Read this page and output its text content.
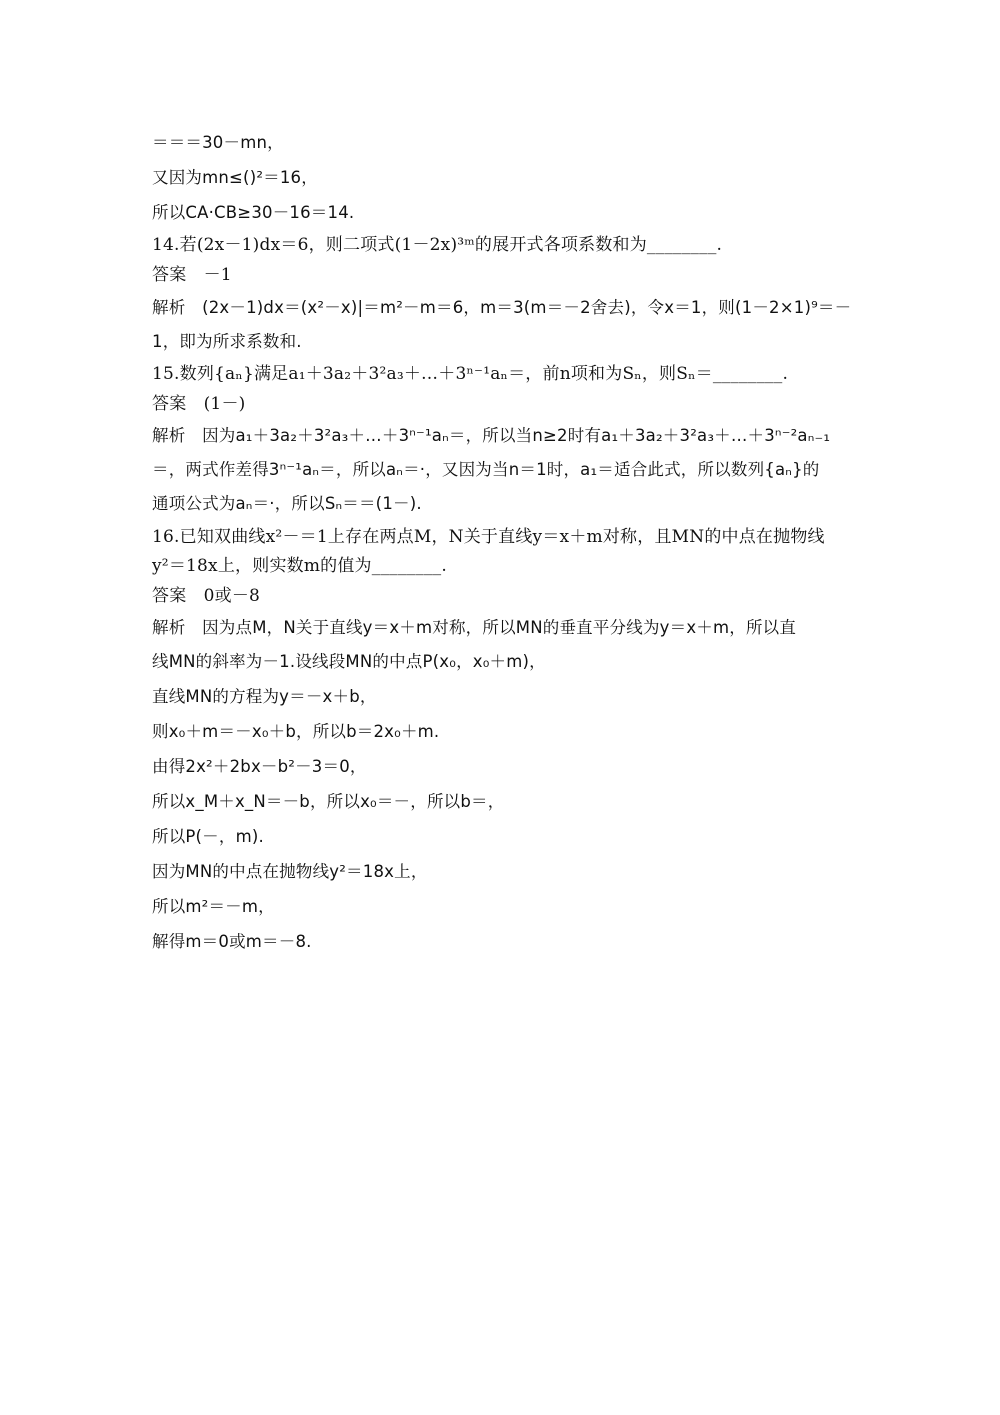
＝＝＝30－mn，
又因为mn≤()²＝16，
所以CA·CB≥30－16＝14.
14.若(2x－1)dx＝6，则二项式(1－2x)³ᵐ的展开式各项系数和为________.
答案　－1
解析　(2x－1)dx＝(x²－x)|＝m²－m＝6，m＝3(m＝－2舍去)，令x＝1，则(1－2×1)⁹＝－
1，即为所求系数和.
15.数列{aₙ}满足a₁＋3a₂＋3²a₃＋…＋3ⁿ⁻¹aₙ＝，前n项和为Sₙ，则Sₙ＝________.
答案　(1－)
解析　因为a₁＋3a₂＋3²a₃＋…＋3ⁿ⁻¹aₙ＝，所以当n≥2时有a₁＋3a₂＋3²a₃＋…＋3ⁿ⁻²aₙ₋₁
＝，两式作差得3ⁿ⁻¹aₙ＝，所以aₙ＝·，又因为当n＝1时，a₁＝适合此式，所以数列{aₙ}的
通项公式为aₙ＝·，所以Sₙ＝＝(1－).
16.已知双曲线x²－＝1上存在两点M，N关于直线y＝x＋m对称，且MN的中点在抛物线
y²＝18x上，则实数m的值为________.
答案　0或－8
解析　因为点M，N关于直线y＝x＋m对称，所以MN的垂直平分线为y＝x＋m，所以直
线MN的斜率为－1.设线段MN的中点P(x₀，x₀＋m)，
直线MN的方程为y＝－x＋b，
则x₀＋m＝－x₀＋b，所以b＝2x₀＋m.
由得2x²＋2bx－b²－3＝0，
所以x_M＋x_N＝－b，所以x₀＝－，所以b＝，
所以P(－，m).
因为MN的中点在抛物线y²＝18x上，
所以m²＝－m，
解得m＝0或m＝－8.
